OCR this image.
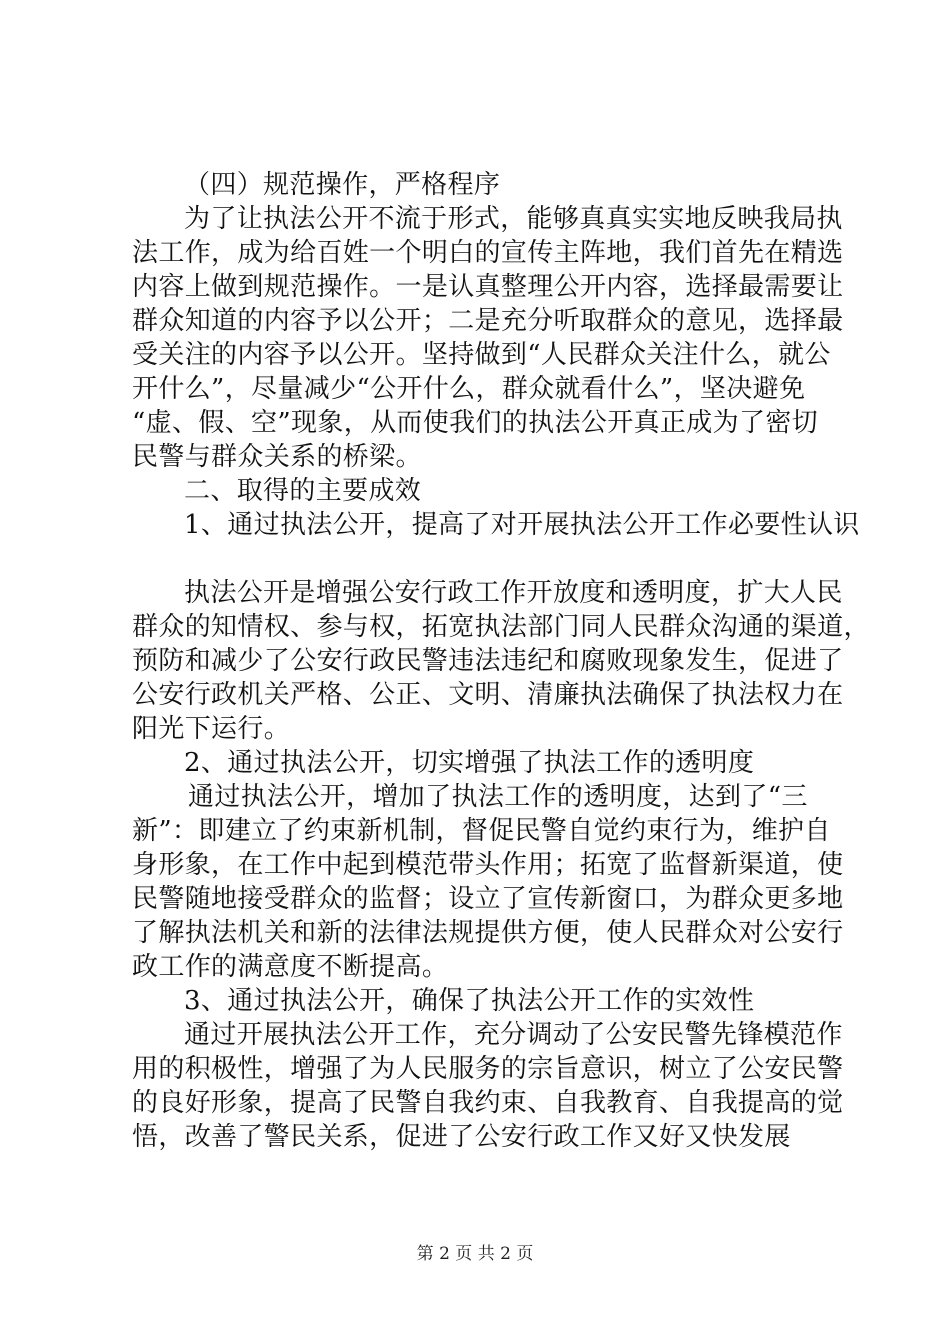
（四）规范操作，严格程序
为了让执法公开不流于形式，能够真真实实地反映我局执
法工作，成为给百姓一个明白的宣传主阵地，我们首先在精选
内容上做到规范操作。一是认真整理公开内容，选择最需要让
群众知道的内容予以公开；二是充分听取群众的意见，选择最
受关注的内容予以公开。坚持做到“人民群众关注什么，就公
开什么”，尽量减少“公开什么，群众就看什么”，坚决避免
“虚、假、空”现象，从而使我们的执法公开真正成为了密切
民警与群众关系的桥梁。
二、取得的主要成效
1、通过执法公开，提高了对开展执法公开工作必要性认识
执法公开是增强公安行政工作开放度和透明度，扩大人民
群众的知情权、参与权，拓宽执法部门同人民群众沟通的渠道，
预防和减少了公安行政民警违法违纪和腐败现象发生，促进了
公安行政机关严格、公正、文明、清廉执法确保了执法权力在
阳光下运行。
2、通过执法公开，切实增强了执法工作的透明度
通过执法公开，增加了执法工作的透明度，达到了“三
新”：即建立了约束新机制，督促民警自觉约束行为，维护自
身形象，在工作中起到模范带头作用；拓宽了监督新渠道，使
民警随地接受群众的监督；设立了宣传新窗口，为群众更多地
了解执法机关和新的法律法规提供方便，使人民群众对公安行
政工作的满意度不断提高。
3、通过执法公开，确保了执法公开工作的实效性
通过开展执法公开工作，充分调动了公安民警先锋模范作
用的积极性，增强了为人民服务的宗旨意识，树立了公安民警
的良好形象，提高了民警自我约束、自我教育、自我提高的觉
悟，改善了警民关系，促进了公安行政工作又好又快发展
第 2 页 共 2 页
